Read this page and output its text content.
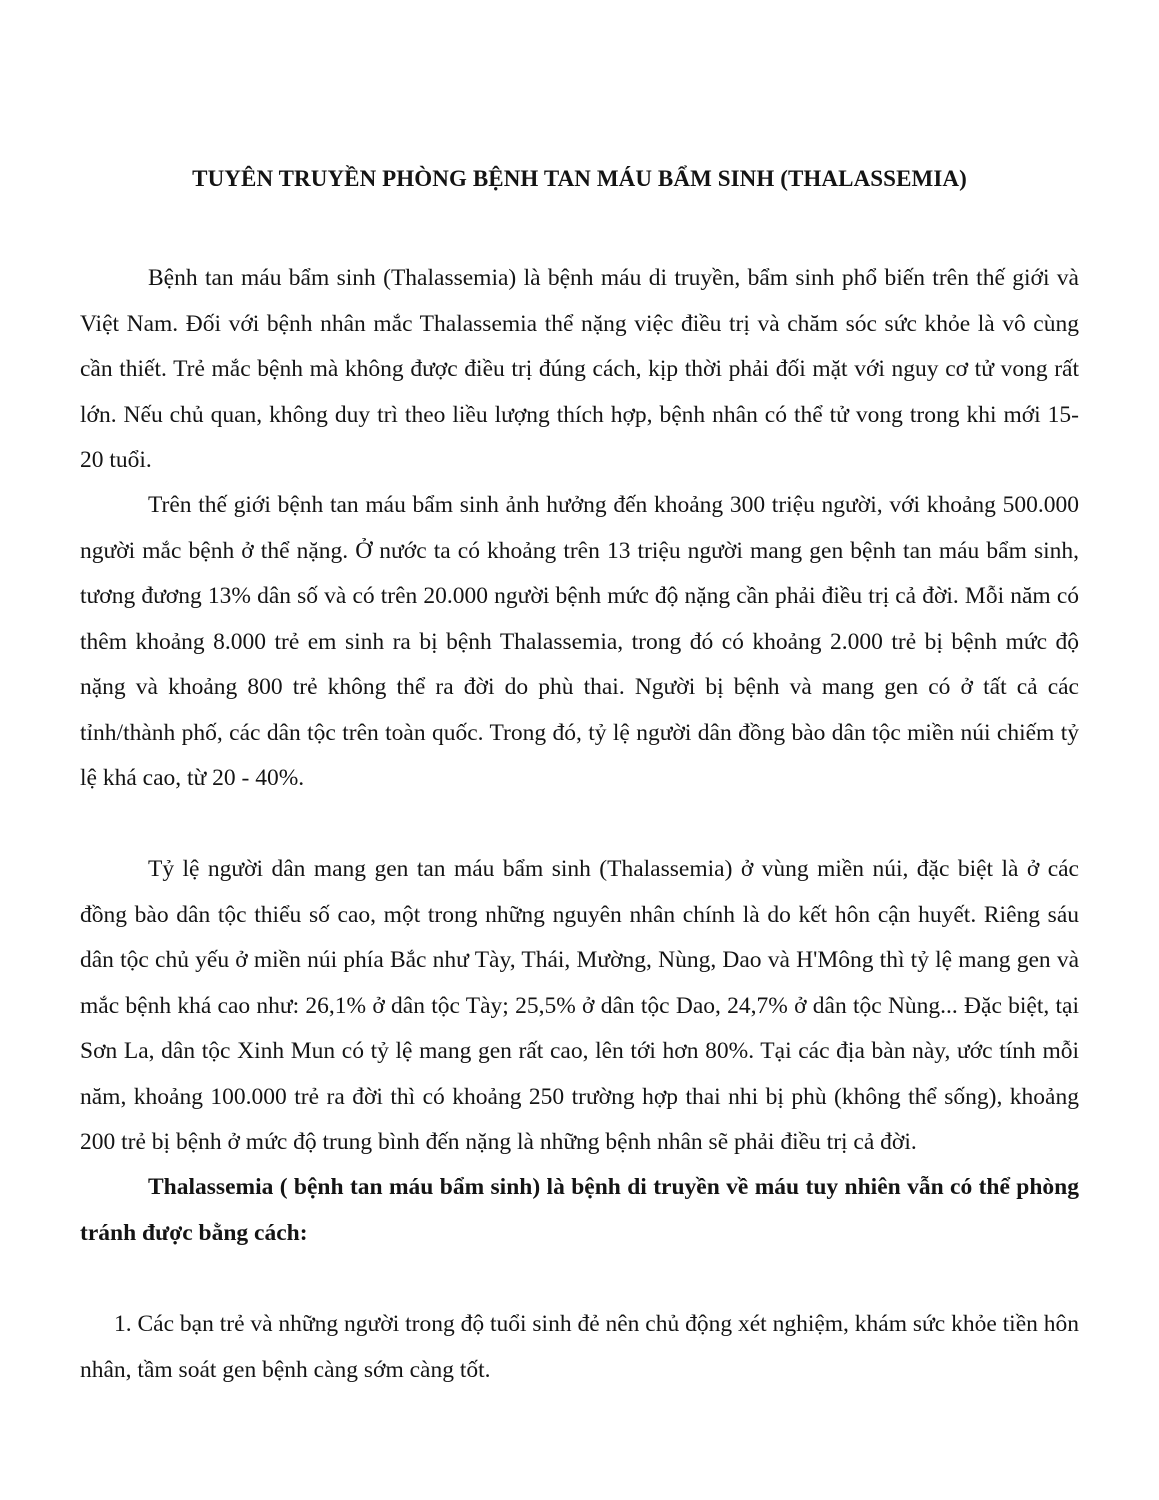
TUYÊN TRUYỀN PHÒNG BỆNH TAN MÁU BẨM SINH (THALASSEMIA)

Bệnh tan máu bẩm sinh (Thalassemia) là bệnh máu di truyền, bẩm sinh phổ biến trên thế giới và Việt Nam. Đối với bệnh nhân mắc Thalassemia thể nặng việc điều trị và chăm sóc sức khỏe là vô cùng cần thiết. Trẻ mắc bệnh mà không được điều trị đúng cách, kịp thời phải đối mặt với nguy cơ tử vong rất lớn. Nếu chủ quan, không duy trì theo liều lượng thích hợp, bệnh nhân có thể tử vong trong khi mới 15-20 tuổi.

Trên thế giới bệnh tan máu bẩm sinh ảnh hưởng đến khoảng 300 triệu người, với khoảng 500.000 người mắc bệnh ở thể nặng. Ở nước ta có khoảng trên 13 triệu người mang gen bệnh tan máu bẩm sinh, tương đương 13% dân số và có trên 20.000 người bệnh mức độ nặng cần phải điều trị cả đời. Mỗi năm có thêm khoảng 8.000 trẻ em sinh ra bị bệnh Thalassemia, trong đó có khoảng 2.000 trẻ bị bệnh mức độ nặng và khoảng 800 trẻ không thể ra đời do phù thai. Người bị bệnh và mang gen có ở tất cả các tỉnh/thành phố, các dân tộc trên toàn quốc. Trong đó, tỷ lệ người dân đồng bào dân tộc miền núi chiếm tỷ lệ khá cao, từ 20 - 40%.

Tỷ lệ người dân mang gen tan máu bẩm sinh (Thalassemia) ở vùng miền núi, đặc biệt là ở các đồng bào dân tộc thiểu số cao, một trong những nguyên nhân chính là do kết hôn cận huyết. Riêng sáu dân tộc chủ yếu ở miền núi phía Bắc như Tày, Thái, Mường, Nùng, Dao và H'Mông thì tỷ lệ mang gen và mắc bệnh khá cao như: 26,1% ở dân tộc Tày; 25,5% ở dân tộc Dao, 24,7% ở dân tộc Nùng... Đặc biệt, tại Sơn La, dân tộc Xinh Mun có tỷ lệ mang gen rất cao, lên tới hơn 80%. Tại các địa bàn này, ước tính mỗi năm, khoảng 100.000 trẻ ra đời thì có khoảng 250 trường hợp thai nhi bị phù (không thể sống), khoảng 200 trẻ bị bệnh ở mức độ trung bình đến nặng là những bệnh nhân sẽ phải điều trị cả đời.

Thalassemia ( bệnh tan máu bẩm sinh) là bệnh di truyền về máu tuy nhiên vẫn có thể phòng tránh được bằng cách:

1. Các bạn trẻ và những người trong độ tuổi sinh đẻ nên chủ động xét nghiệm, khám sức khỏe tiền hôn nhân, tầm soát gen bệnh càng sớm càng tốt.
